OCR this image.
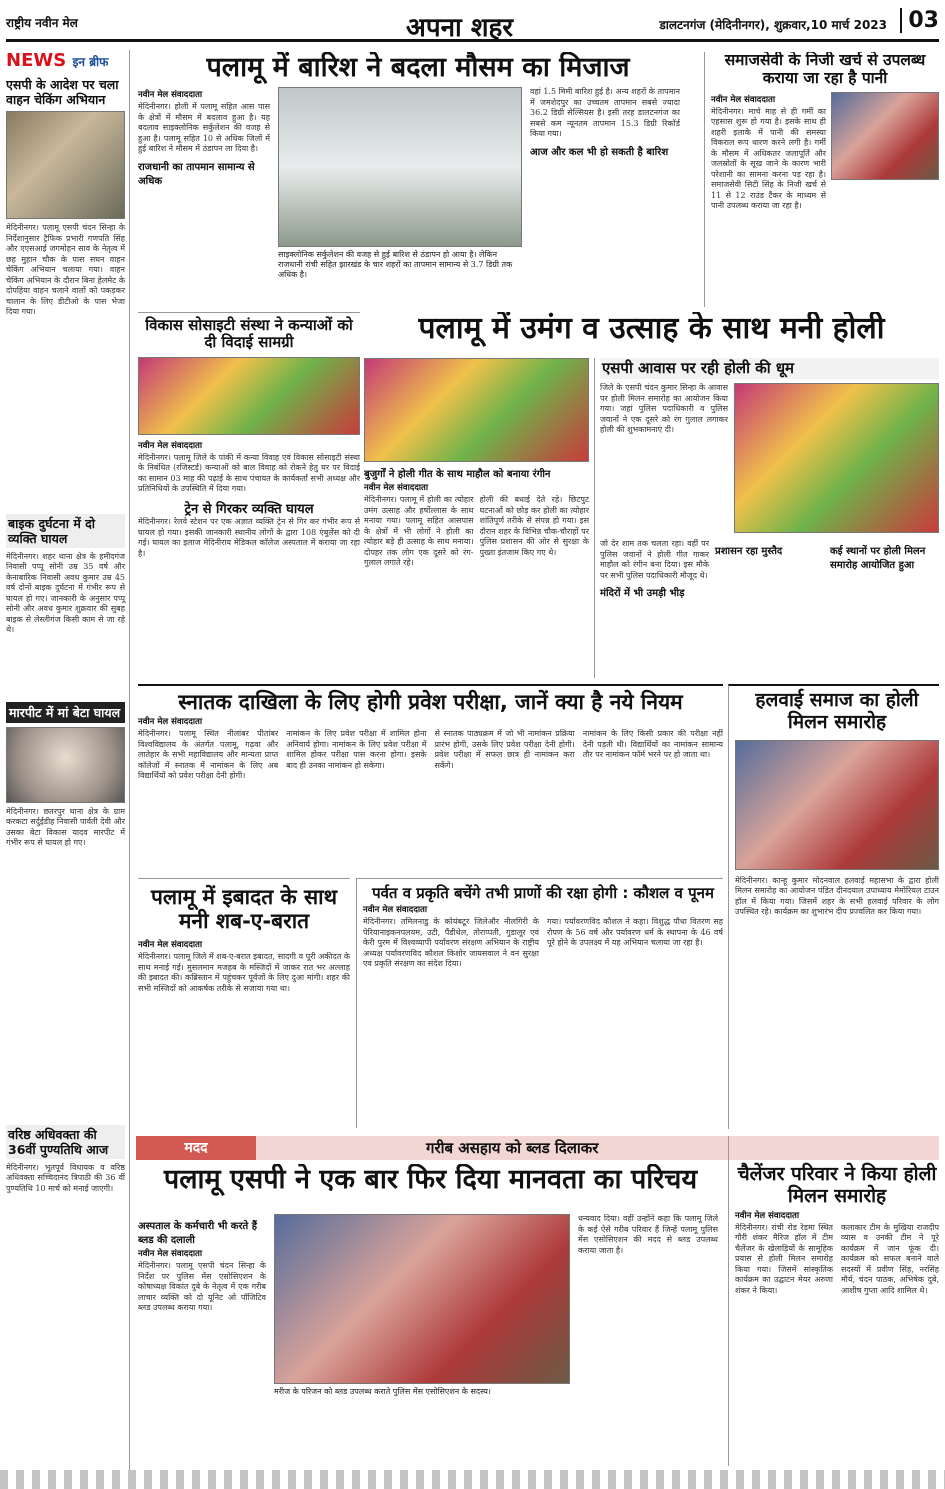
राष्ट्रीय नवीन मेल	अपना शहर	डालटनगंज (मेदिनीनगर), शुक्रवार,10 मार्च 2023 03
NEWS इन ब्रीफ
एसपी के आदेश पर चला वाहन चेकिंग अभियान
मेदिनीनगर। पलामू एसपी चंदन सिन्हा के निर्देशानुसार ट्रैफिक प्रभारी गणपति सिंह और एएसआई जगमोहन साव के नेतृत्व में छह मुहान चौक के पास सघन वाहन चेकिंग अभियान चलाया गया। वाहन चेकिंग अभियान के दौरान बिना हेलमेट के दोपहिया वाहन चलाने वालों को पकड़कर चालान के लिए डीटीओ के पास भेजा दिया गया।
बाइक दुर्घटना में दो व्यक्ति घायल
मेदिनीनगर। शहर थाना क्षेत्र के हमीदगंज निवासी पप्पू सोनी उम्र 35 वर्ष और केनाबारिक निवासी अवध कुमार उम्र 45 वर्ष दोनों बाइक दुर्घटना में गंभीर रूप से घायल हो गए। जानकारी के अनुसार पप्पू सोनी और अवध कुमार शुक्रवार की सुबह बाइक से लेस्लीगंज किसी काम से जा रहे थे।
मारपीट में मां बेटा घायल
मेदिनीनगर। छतरपुर थाना क्षेत्र के ग्राम करकटा सर्दुईडीह निवासी पार्वती देवी और उसका बेटा विकास यादव मारपीट में गंभीर रूप से घायल हो गए।
वरिष्ठ अधिवक्ता की 36वीं पुण्यतिथि आज
मेदिनीनगर। भूतपूर्व विधायक व वरिष्ठ अधिवक्ता सच्चिदानंद त्रिपाठी की 36 वीं पुण्यतिथि 10 मार्च को मनाई जाएगी।
पलामू में बारिश ने बदला मौसम का मिजाज
नवीन मेल संवाददाता
मेदिनीनगर। होली में पलामू सहित आस पास के क्षेत्रों में मौसम में बदलाव हुआ है। यह बदलाव साइक्लोनिक सर्कुलेशन की वजह से हुआ है। पलामू सहित 10 से अधिक जिलों में हुई बारिश ने मौसम में ठंडापन ला दिया है।
राजधानी का तापमान सामान्य से अधिक
साइक्लोनिक सर्कुलेशन की वजह से हुई बारिश से ठंडापन हो आया है। लेकिन राजधानी रांची सहित झारखंड के चार शहरों का तापमान सामान्य से 3.7 डिग्री तक अधिक है।
वहां 1.5 मिमी बारिश हुई है। अन्य शहरों के तापमान में जमशेदपुर का उच्चतम तापमान सबसे ज्यादा 36.2 डिग्री सेल्सियस है। इसी तरह डालटनगंज का सबसे कम न्यूनतम तापमान 15.3 डिग्री रिकॉर्ड किया गया।
आज और कल भी हो सकती है बारिश
समाजसेवी के निजी खर्च से उपलब्ध कराया जा रहा है पानी
नवीन मेल संवाददाता
मेदिनीनगर। मार्च माह से ही गर्मी का एहसास शुरू हो गया है। इसके साथ ही शहरी इलाके में पानी की समस्या विकराल रूप धारण करने लगी है। गर्मी के मौसम में अधिकतर जलापूर्ति और जलस्रोतों के सूख जाने के कारण भारी परेशानी का सामना करना पड़ रहा है। समाजसेवी सिटी सिंह के निजी खर्च से 11 से 12 राउंड टैंकर के माध्यम से पानी उपलब्ध कराया जा रहा है।
विकास सोसाइटी संस्था ने कन्याओं को दी विदाई सामग्री
नवीन मेल संवाददाता
मेदिनीनगर। पलामू जिले के पांकी में कन्या विवाह एवं विकास सोसाइटी संस्था के निबंधित (रजिस्टर्ड) कन्याओं को बाल विवाह को रोकने हेतु घर पर विदाई का सामान 03 माह की पढ़ाई के साथ पंचायत के कार्यकर्ता सभी अध्यक्ष और प्रतिनिधियों के उपस्थिति में दिया गया।
ट्रेन से गिरकर व्यक्ति घायल
मेदिनीनगर। रेलवे स्टेशन पर एक अज्ञात व्यक्ति ट्रेन से गिर कर गंभीर रूप से घायल हो गया। इसकी जानकारी स्थानीय लोगों के द्वारा 108 एंबुलेंस को दी गई। घायल का इलाज मेदिनीराय मेडिकल कॉलेज अस्पताल में कराया जा रहा है।
पलामू में उमंग व उत्साह के साथ मनी होली
बुजुर्गों ने होली गीत के साथ माहौल को बनाया रंगीन
नवीन मेल संवाददाता
मेदिनीनगर। पलामू में होली का त्योहार उमंग उत्साह और हर्षोल्लास के साथ मनाया गया। पलामू सहित आसपास के क्षेत्रों में भी लोगों ने होली का त्योहार बड़े ही उत्साह के साथ मनाया। दोपहर तक लोग एक दूसरे को रंग-गुलाल लगाते रहे।
होली की बधाई देते रहे। छिटपुट घटनाओं को छोड़ कर होली का त्योहार शांतिपूर्ण तरीके से संपन्न हो गया। इस दौरान शहर के विभिन्न चौक-चौराहों पर पुलिस प्रशासन की ओर से सुरक्षा के पुख्ता इंतजाम किए गए थे।
एसपी आवास पर रही होली की धूम
जिले के एसपी चंदन कुमार सिन्हा के आवास पर होली मिलन समारोह का आयोजन किया गया। जहां पुलिस पदाधिकारी व पुलिस जवानों ने एक दूसरे को रंग गुलाल लगाकर होली की शुभकामनाएं दी।
जो देर शाम तक चलता रहा। वहीं पर पुलिस जवानों ने होली गीत गाकर माहौल को रंगीन बना दिया। इस मौके पर सभी पुलिस पदाधिकारी मौजूद थे।
मंदिरों में भी उमड़ी भीड़
प्रशासन रहा मुस्तैद	कई स्थानों पर होली मिलन समारोह आयोजित हुआ
स्नातक दाखिला के लिए होगी प्रवेश परीक्षा, जानें क्या है नये नियम
नवीन मेल संवाददाता
मेदिनीनगर। पलामू स्थित नीलांबर पीतांबर विश्वविद्यालय के अंतर्गत पलामू, गढ़वा और लातेहार के सभी महाविद्यालय और मान्यता प्राप्त कॉलेजों में स्नातक में नामांकन के लिए अब विद्यार्थियों को प्रवेश परीक्षा देनी होगी।
नामांकन के लिए प्रवेश परीक्षा में शामिल होना अनिवार्य होगा। नामांकन के लिए प्रवेश परीक्षा में शामिल होकर परीक्षा पास करना होगा। इसके बाद ही उनका नामांकन हो सकेगा।
से स्नातक पाठ्यक्रम में जो भी नामांकन प्रक्रिया प्रारंभ होगी, उसके लिए प्रवेश परीक्षा देनी होगी। प्रवेश परीक्षा में सफल छात्र ही नामांकन करा सकेंगे।
नामांकन के लिए किसी प्रकार की परीक्षा नहीं देनी पड़ती थी। विद्यार्थियों का नामांकन सामान्य तौर पर नामांकन फॉर्म भरने पर हो जाता था।
हलवाई समाज का होली मिलन समारोह
मेदिनीनगर। कान्हू कुमार मोदनवाल हलवाई महासभा के द्वारा होली मिलन समारोह का आयोजन पंडित दीनदयाल उपाध्याय मेमोरियल टाउन हॉल में किया गया। जिसमें शहर के सभी हलवाई परिवार के लोग उपस्थित रहे। कार्यक्रम का शुभारंभ दीप प्रज्वलित कर किया गया।
पलामू में इबादत के साथ मनी शब-ए-बरात
नवीन मेल संवाददाता
मेदिनीनगर। पलामू जिले में शब-ए-बरात इबादत, सादगी व पूरी अकीदत के साथ मनाई गई। मुसलमान मजहब के मस्जिदों में जाकर रात भर अल्लाह की इबादत की। कब्रिस्तान में पहुंचकर पूर्वजों के लिए दुआ मांगी। शहर की सभी मस्जिदों को आकर्षक तरीके से सजाया गया था।
पर्वत व प्रकृति बचेंगे तभी प्राणों की रक्षा होगी : कौशल व पूनम
नवीन मेल संवाददाता
मेदिनीनगर। तमिलनाडु के कोयंबटूर जिलेऔर नीलगिरी के पेरियानाइकनपलयम, उटी, पैंडीथेल, तोराप्पती, गुडालूर एवं केरी पुरम में विश्वव्यापी पर्यावरण संरक्षण अभियान के राष्ट्रीय अध्यक्ष पर्यावरणविद कौशल किशोर जायसवाल ने वन सुरक्षा एवं प्रकृति संरक्षण का संदेश दिया।
गया। पर्यावरणविद कौशल ने कहा। विशुद्ध पौधा वितरण सह रोपण के 56 वर्ष और पर्यावरण धर्म के स्थापना के 46 वर्ष पूरे होने के उपलक्ष्य में यह अभियान चलाया जा रहा है।
मदद	गरीब असहाय को ब्लड दिलाकर
पलामू एसपी ने एक बार फिर दिया मानवता का परिचय
अस्पताल के कर्मचारी भी करते हैं ब्लड की दलाली
नवीन मेल संवाददाता
मेदिनीनगर। पलामू एसपी चंदन सिन्हा के निर्देश पर पुलिस मेंस एसोसिएशन के कोषाध्यक्ष विकांत दुबे के नेतृत्व में एक गरीब लाचार व्यक्ति को दो यूनिट ओ पॉजिटिव ब्लड उपलब्ध कराया गया।
मरीज के परिजन को ब्लड उपलब्ध कराते पुलिस मेंस एसोसिएशन के सदस्य।
धन्यवाद दिया। वहीं उन्होंने कहा कि पलामू जिले के कई ऐसे गरीब परिवार हैं जिन्हें पलामू पुलिस मेंस एसोसिएशन की मदद से ब्लड उपलब्ध कराया जाता है।
चैलेंजर परिवार ने किया होली मिलन समारोह
नवीन मेल संवाददाता
मेदिनीनगर। रांची रोड रेड़मा स्थित गौरी शंकर मैरिज हॉल में टीम चैलेंजर के खेलाड़ियों के सामूहिक प्रयास से होली मिलन समारोह किया गया। जिसमें सांस्कृतिक कार्यक्रम का उद्घाटन मेयर अरुणा शंकर ने किया।
कलाकार टीम के मुखिया राजदीप व्यास व उनकी टीम ने पूरे कार्यक्रम में जान फूंक दी। कार्यक्रम को सफल बनाने वाले सदस्यों में प्रवीण सिंह, नरसिंह मौर्य, चंदन पाठक, अभिषेक दुबे, आशीष गुप्ता आदि शामिल थे।
